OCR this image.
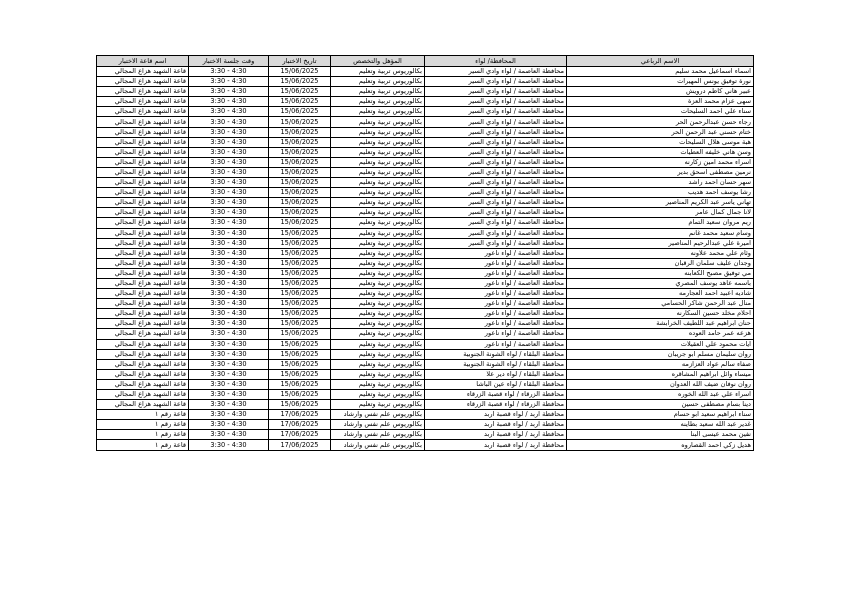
الاسم الرباعي	المحافظة/ لواء	المؤهل والتخصص	تاريخ الاختبار	وقت جلسة الاختبار	اسم قاعة الاختبار
اسماء اسماعيل محمد سليم	محافظة العاصمة / لواء وادي السير	بكالوريوس تربية وتعليم	15/06/2025	3:30 - 4:30	قاعة الشهيد هزاع المجالي
نورة توفيق يونس المهيرات	محافظة العاصمة / لواء وادي السير	بكالوريوس تربية وتعليم	15/06/2025	3:30 - 4:30	قاعة الشهيد هزاع المجالي
عبير هاني كاظم درويش	محافظة العاصمة / لواء وادي السير	بكالوريوس تربية وتعليم	15/06/2025	3:30 - 4:30	قاعة الشهيد هزاع المجالي
سهى عزام محمد العزة	محافظة العاصمة / لواء وادي السير	بكالوريوس تربية وتعليم	15/06/2025	3:30 - 4:30	قاعة الشهيد هزاع المجالي
سناء علي احمد السليحات	محافظة العاصمة / لواء وادي السير	بكالوريوس تربية وتعليم	15/06/2025	3:30 - 4:30	قاعة الشهيد هزاع المجالي
رجاء حسن عبدالرحمن الحر	محافظة العاصمة / لواء وادي السير	بكالوريوس تربية وتعليم	15/06/2025	3:30 - 4:30	قاعة الشهيد هزاع المجالي
ختام حسني عبد الرحمن الحر	محافظة العاصمة / لواء وادي السير	بكالوريوس تربية وتعليم	15/06/2025	3:30 - 4:30	قاعة الشهيد هزاع المجالي
هبة موسى هلال السليحات	محافظة العاصمة / لواء وادي السير	بكالوريوس تربية وتعليم	15/06/2025	3:30 - 4:30	قاعة الشهيد هزاع المجالي
وسن هاني خليفه العطيات	محافظة العاصمة / لواء وادي السير	بكالوريوس تربية وتعليم	15/06/2025	3:30 - 4:30	قاعة الشهيد هزاع المجالي
اسراء محمد امين زكارنه	محافظة العاصمة / لواء وادي السير	بكالوريوس تربية وتعليم	15/06/2025	3:30 - 4:30	قاعة الشهيد هزاع المجالي
نرمين مصطفى اسحق بدير	محافظة العاصمة / لواء وادي السير	بكالوريوس تربية وتعليم	15/06/2025	3:30 - 4:30	قاعة الشهيد هزاع المجالي
سهر حسان احمد راشد	محافظة العاصمة / لواء وادي السير	بكالوريوس تربية وتعليم	15/06/2025	3:30 - 4:30	قاعة الشهيد هزاع المجالي
رشا يوسف احمد هديب	محافظة العاصمة / لواء وادي السير	بكالوريوس تربية وتعليم	15/06/2025	3:30 - 4:30	قاعة الشهيد هزاع المجالي
تهاني ياسر عبد الكريم المناصير	محافظة العاصمة / لواء وادي السير	بكالوريوس تربية وتعليم	15/06/2025	3:30 - 4:30	قاعة الشهيد هزاع المجالي
لانا جمال كمال عامر	محافظة العاصمة / لواء وادي السير	بكالوريوس تربية وتعليم	15/06/2025	3:30 - 4:30	قاعة الشهيد هزاع المجالي
ريم مروان سعيد التمام	محافظة العاصمة / لواء وادي السير	بكالوريوس تربية وتعليم	15/06/2025	3:30 - 4:30	قاعة الشهيد هزاع المجالي
وسام سعيد محمد غانم	محافظة العاصمة / لواء وادي السير	بكالوريوس تربية وتعليم	15/06/2025	3:30 - 4:30	قاعة الشهيد هزاع المجالي
اميرة علي عبدالرحيم المناصير	محافظة العاصمة / لواء وادي السير	بكالوريوس تربية وتعليم	15/06/2025	3:30 - 4:30	قاعة الشهيد هزاع المجالي
وئام علي محمد علاونه	محافظة العاصمة / لواء ناعور	بكالوريوس تربية وتعليم	15/06/2025	3:30 - 4:30	قاعة الشهيد هزاع المجالي
وجدان عليف سلمان الرقبان	محافظة العاصمة / لواء ناعور	بكالوريوس تربية وتعليم	15/06/2025	3:30 - 4:30	قاعة الشهيد هزاع المجالي
مي توفيق مصبح الكعابنه	محافظة العاصمة / لواء ناعور	بكالوريوس تربية وتعليم	15/06/2025	3:30 - 4:30	قاعة الشهيد هزاع المجالي
باسمه عاهد يوسف المصري	محافظة العاصمة / لواء ناعور	بكالوريوس تربية وتعليم	15/06/2025	3:30 - 4:30	قاعة الشهيد هزاع المجالي
شاديه اعبيد احمد العجارمه	محافظة العاصمة / لواء ناعور	بكالوريوس تربية وتعليم	15/06/2025	3:30 - 4:30	قاعة الشهيد هزاع المجالي
منال عبد الرحمن شاكر الحسامي	محافظة العاصمة / لواء ناعور	بكالوريوس تربية وتعليم	15/06/2025	3:30 - 4:30	قاعة الشهيد هزاع المجالي
احلام مخلد حسين السكارنه	محافظة العاصمة / لواء ناعور	بكالوريوس تربية وتعليم	15/06/2025	3:30 - 4:30	قاعة الشهيد هزاع المجالي
حنان ابراهيم عبد اللطيف الخرابشة	محافظة العاصمة / لواء ناعور	بكالوريوس تربية وتعليم	15/06/2025	3:30 - 4:30	قاعة الشهيد هزاع المجالي
هزعه عمر حامد العوده	محافظة العاصمة / لواء ناعور	بكالوريوس تربية وتعليم	15/06/2025	3:30 - 4:30	قاعة الشهيد هزاع المجالي
ايات محمود علي العقيلات	محافظة العاصمة / لواء ناعور	بكالوريوس تربية وتعليم	15/06/2025	3:30 - 4:30	قاعة الشهيد هزاع المجالي
روان سليمان مسلم ابو جريبان	محافظة البلقاء / لواء الشونة الجنوبية	بكالوريوس تربية وتعليم	15/06/2025	3:30 - 4:30	قاعة الشهيد هزاع المجالي
صفاء سالم عواد العزازمه	محافظة البلقاء / لواء الشونة الجنوبية	بكالوريوس تربية وتعليم	15/06/2025	3:30 - 4:30	قاعة الشهيد هزاع المجالي
ميساء وائل ابراهيم المشاقره	محافظة البلقاء / لواء دير علا	بكالوريوس تربية وتعليم	15/06/2025	3:30 - 4:30	قاعة الشهيد هزاع المجالي
روان نوفان ضيف الله العدوان	محافظة البلقاء / لواء عين الباشا	بكالوريوس تربية وتعليم	15/06/2025	3:30 - 4:30	قاعة الشهيد هزاع المجالي
اسراء علي عبد الله الخوره	محافظة الزرقاء / لواء قصبة الزرقاء	بكالوريوس تربية وتعليم	15/06/2025	3:30 - 4:30	قاعة الشهيد هزاع المجالي
دينا بسام مصطفى حسين	محافظة الزرقاء / لواء قصبة الزرقاء	بكالوريوس تربية وتعليم	15/06/2025	3:30 - 4:30	قاعة الشهيد هزاع المجالي
سناء ابراهيم سعيد ابو حسام	محافظة اربد / لواء قصبة اربد	بكالوريوس علم نفس وارشاد	17/06/2025	3:30 - 4:30	قاعة رقم ١
غدير عبد الله سعيد بطاينه	محافظة اربد / لواء قصبة اربد	بكالوريوس علم نفس وارشاد	17/06/2025	3:30 - 4:30	قاعة رقم ١
نفين محمد عيسى البنا	محافظة اربد / لواء قصبة اربد	بكالوريوس علم نفس وارشاد	17/06/2025	3:30 - 4:30	قاعة رقم ١
هديل زكي احمد القصاروه	محافظة اربد / لواء قصبة اربد	بكالوريوس علم نفس وارشاد	17/06/2025	3:30 - 4:30	قاعة رقم ١
